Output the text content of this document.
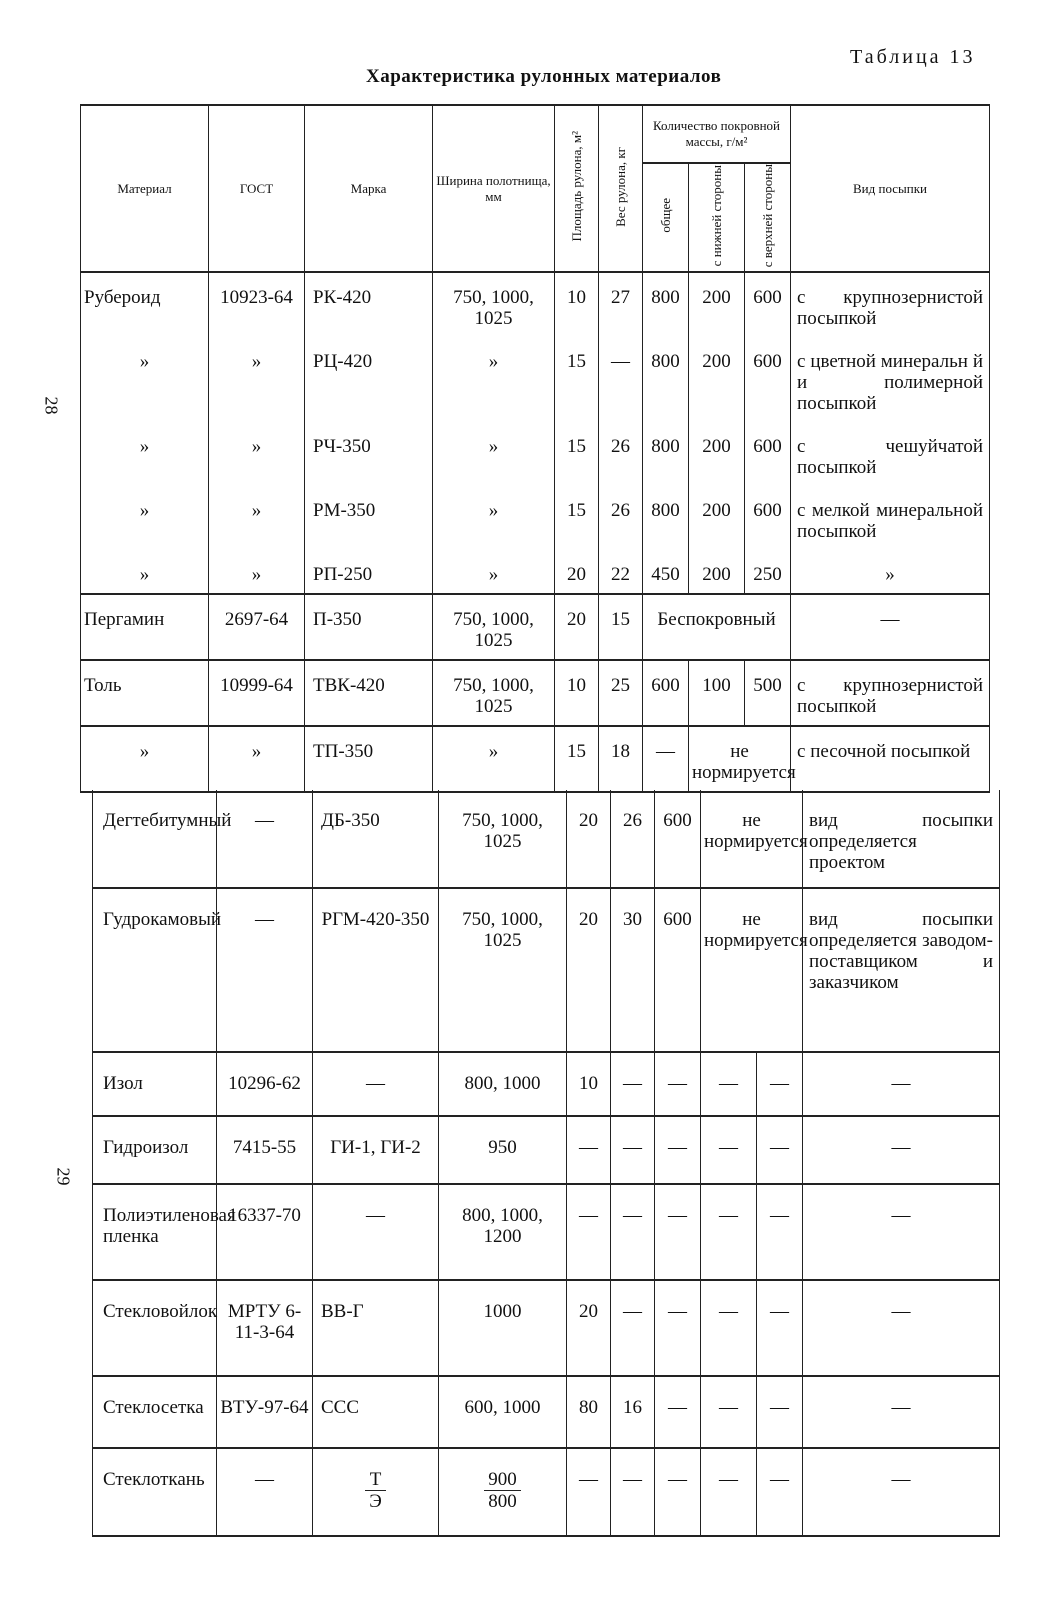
Таблица 13
Характеристика рулонных материалов
28
29
Материал	ГОСТ	Марка	Ширина полотнища, мм	Площадь рулона, м²	Вес рулона, кг	Количество покровной массы, г/м²			Вид посыпки
						общее	с нижней стороны	с верхней стороны	
Рубероид	10923-64	РК-420	750, 1000, 1025	10	27	800	200	600	с крупнозернистой посыпкой
»	»	РЦ-420	»	15	—	800	200	600	с цветной минеральн й и полимерной посыпкой
»	»	РЧ-350	»	15	26	800	200	600	с чешуйчатой посыпкой
»	»	РМ-350	»	15	26	800	200	600	с мелкой минеральной посыпкой
»	»	РП-250	»	20	22	450	200	250	»
Пергамин	2697-64	П-350	750, 1000, 1025	20	15	Беспокровный			—
Толь	10999-64	ТВК-420	750, 1000, 1025	10	25	600	100	500	с крупнозернистой посыпкой
»	»	ТП-350	»	15	18	—	не нормируется		с песочной посыпкой
Дегтебитумный	—	ДБ-350	750, 1000, 1025	20	26	600	не нормируется		вид посыпки определяется проектом
Гудрокамовый	—	РГМ-420-350	750, 1000, 1025	20	30	600	не нормируется		вид посыпки определяется заводом-поставщиком и заказчиком
Изол	10296-62	—	800, 1000	10	—	—	—	—	—
Гидроизол	7415-55	ГИ-1, ГИ-2	950	—	—	—	—	—	—
Полиэтиленовая пленка	16337-70	—	800, 1000, 1200	—	—	—	—	—	—
Стекловойлок	МРТУ 6-11-3-64	ВВ-Г	1000	20	—	—	—	—	—
Стеклосетка	ВТУ-97-64	ССС	600, 1000	80	16	—	—	—	—
Стеклоткань	—	$\frac{Т}{Э}$	$\frac{900}{800}$	—	—	—	—	—	—
